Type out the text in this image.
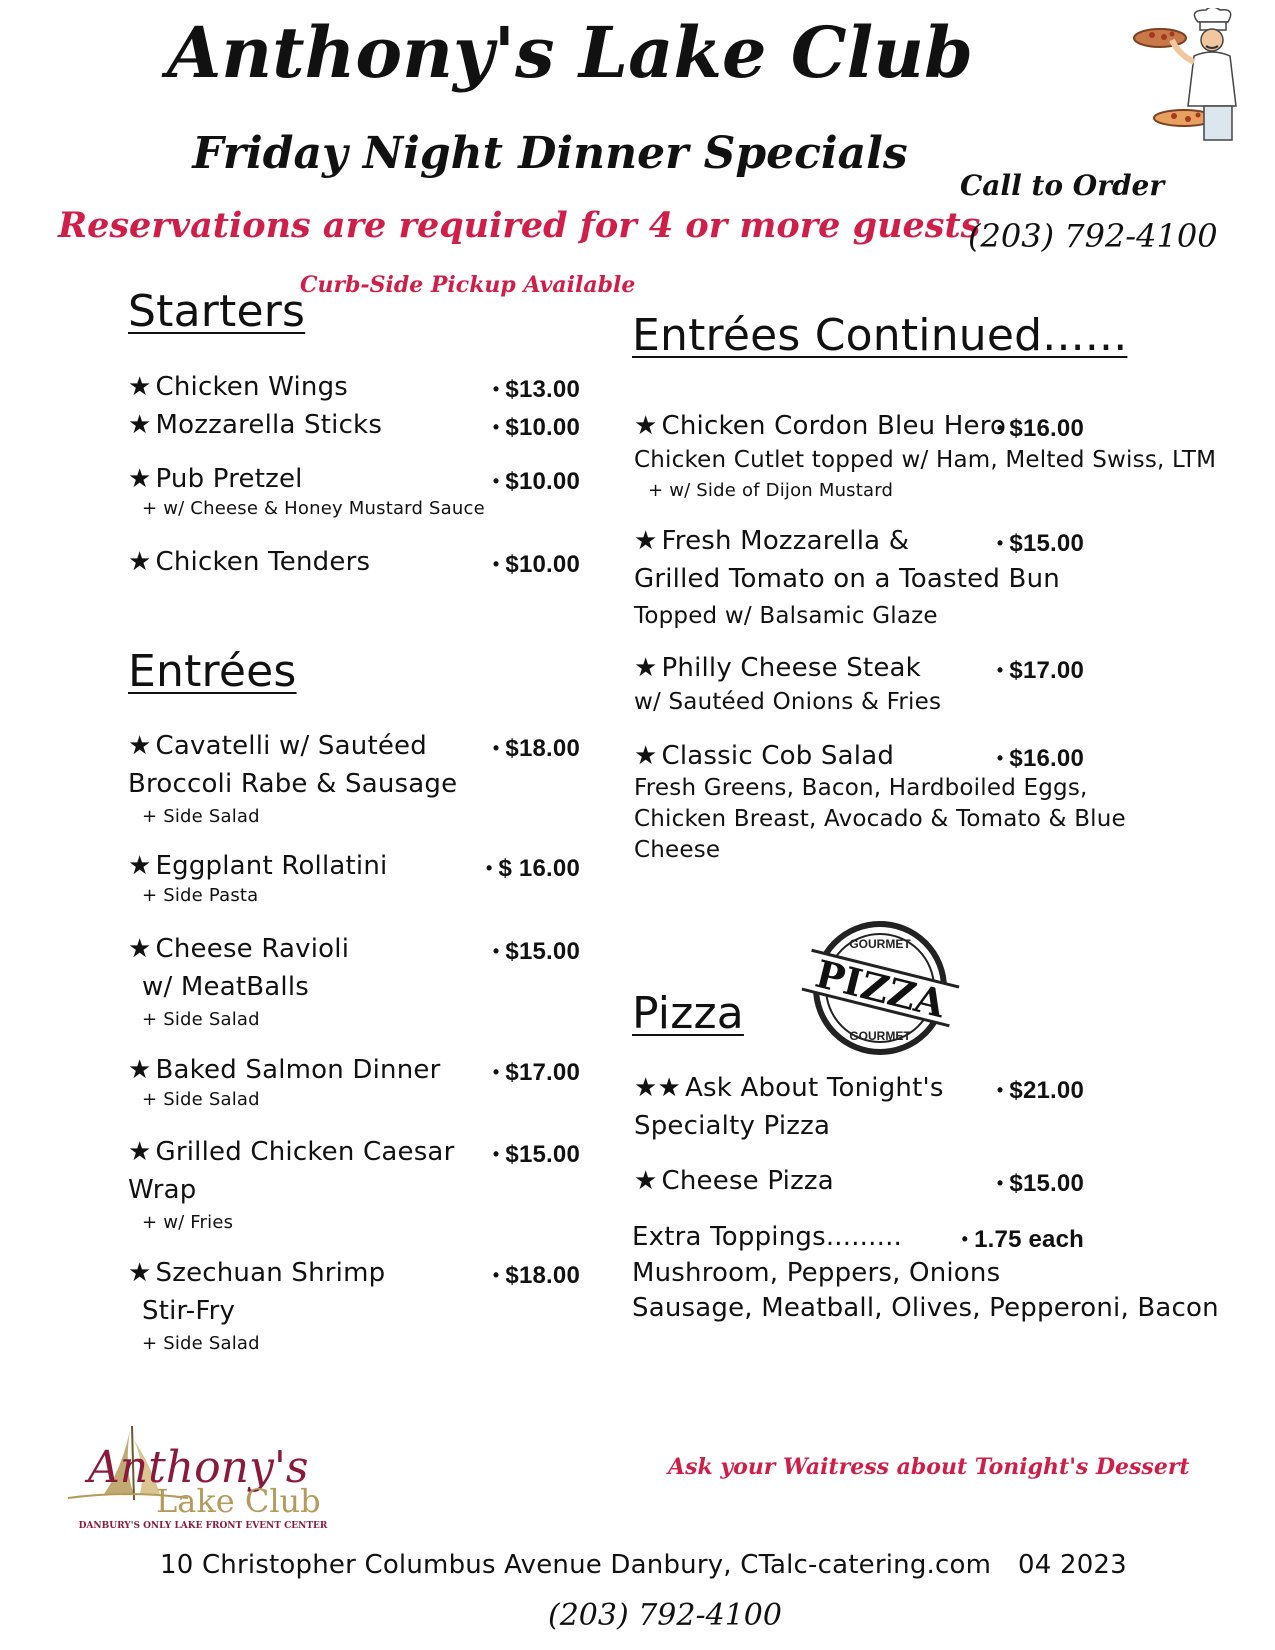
Anthony's Lake Club
Friday Night Dinner Specials
Reservations are required for 4 or more guests
Curb-Side Pickup Available
Call to Order
(203) 792-4100
Starters
★ Chicken Wings	• $13.00
★ Mozzarella Sticks	• $10.00
★ Pub Pretzel	• $10.00
+ w/ Cheese & Honey Mustard Sauce
★ Chicken Tenders	• $10.00
Entrées
★ Cavatelli w/ Sautéed	• $18.00
Broccoli Rabe & Sausage
+ Side Salad
★ Eggplant Rollatini	• $ 16.00
+ Side Pasta
★ Cheese Ravioli	• $15.00
w/ MeatBalls
+ Side Salad
★ Baked Salmon Dinner	• $17.00
+ Side Salad
★ Grilled Chicken Caesar	• $15.00
Wrap
+ w/ Fries
★ Szechuan Shrimp	• $18.00
Stir-Fry
+ Side Salad
Entrées Continued......
★ Chicken Cordon Bleu Hero • $16.00
Chicken Cutlet topped w/ Ham, Melted Swiss, LTM
+ w/ Side of Dijon Mustard
★ Fresh Mozzarella &	• $15.00
Grilled Tomato on a Toasted Bun
Topped w/ Balsamic Glaze
★ Philly Cheese Steak	• $17.00
w/ Sautéed Onions & Fries
★ Classic Cob Salad	• $16.00
Fresh Greens, Bacon, Hardboiled Eggs,
Chicken Breast, Avocado & Tomato & Blue
Cheese
GOURMET
PIZZA
GOURMET
Pizza
★★ Ask About Tonight's	• $21.00
Specialty Pizza
★ Cheese Pizza	• $15.00
Extra Toppings.........	• 1.75 each
Mushroom, Peppers, Onions
Sausage, Meatball, Olives, Pepperoni, Bacon
Ask your Waitress about Tonight's Dessert
Anthony's
Lake Club
DANBURY'S ONLY LAKE FRONT EVENT CENTER
10 Christopher Columbus Avenue Danbury, CT
alc-catering.com 04 2023
(203) 792-4100
